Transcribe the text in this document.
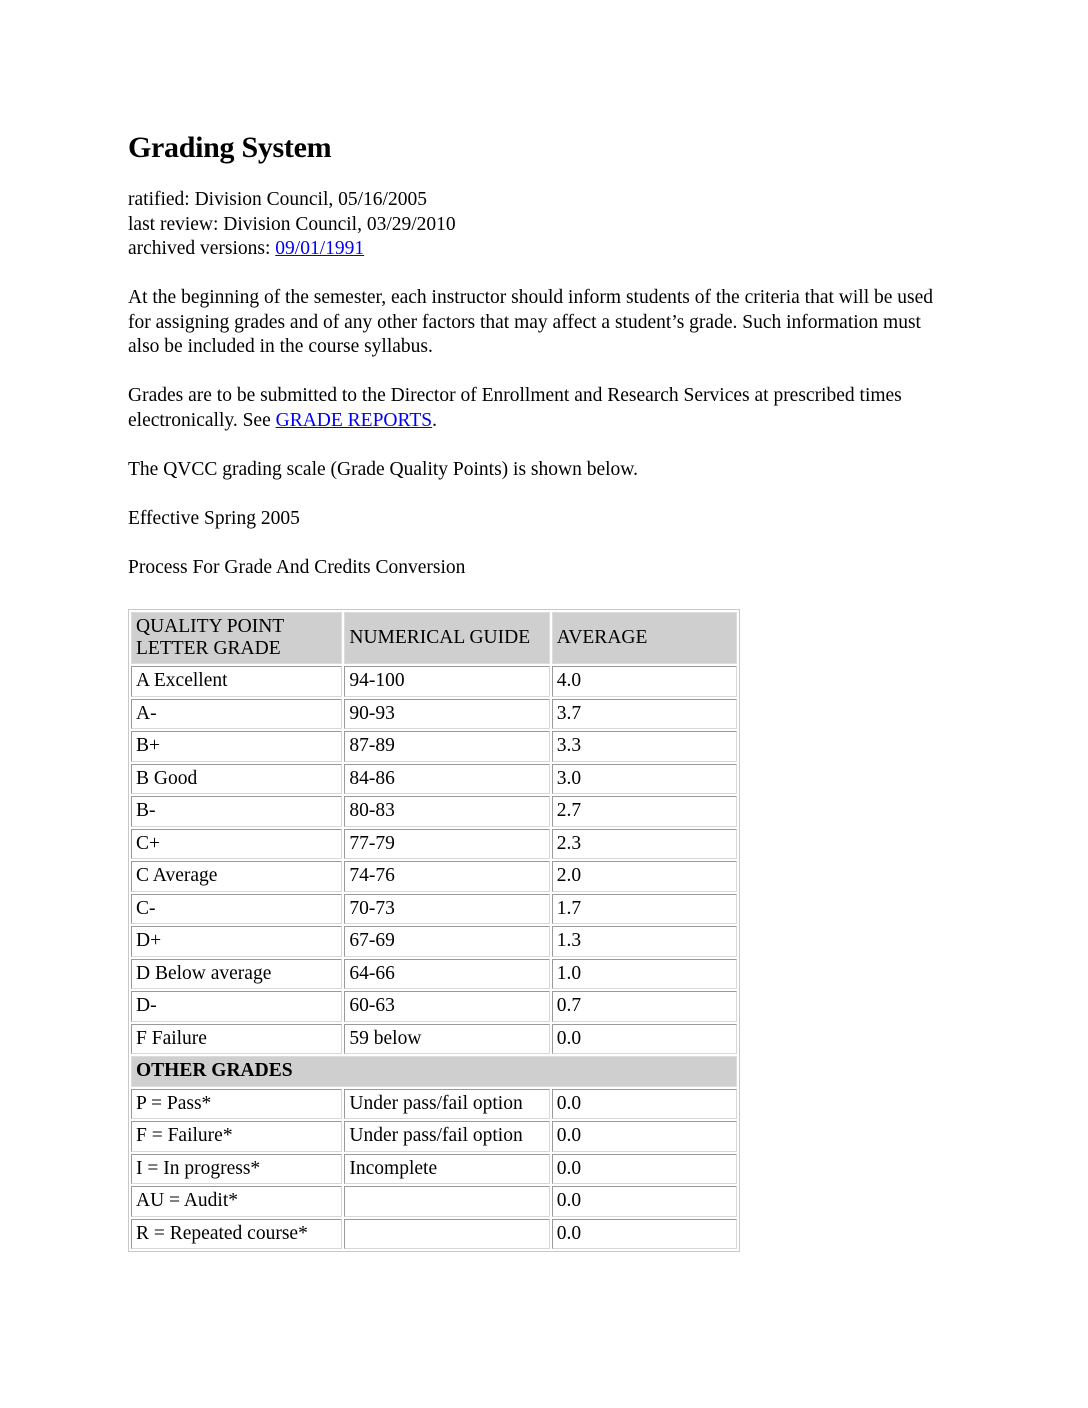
Grading System
ratified: Division Council, 05/16/2005
last review: Division Council, 03/29/2010
archived versions: 09/01/1991

At the beginning of the semester, each instructor should inform students of the criteria that will be used for assigning grades and of any other factors that may affect a student’s grade. Such information must also be included in the course syllabus.

Grades are to be submitted to the Director of Enrollment and Research Services at prescribed times electronically. See GRADE REPORTS.

The QVCC grading scale (Grade Quality Points) is shown below.

Effective Spring 2005

Process For Grade And Credits Conversion

QUALITY POINT
LETTER GRADE	NUMERICAL GUIDE	AVERAGE
A Excellent	94-100	4.0
A-	90-93	3.7
B+	87-89	3.3
B Good	84-86	3.0
B-	80-83	2.7
C+	77-79	2.3
C Average	74-76	2.0
C-	70-73	1.7
D+	67-69	1.3
D Below average	64-66	1.0
D-	60-63	0.7
F Failure	59 below	0.0
OTHER GRADES		
P = Pass*	Under pass/fail option	0.0
F = Failure*	Under pass/fail option	0.0
I = In progress*	Incomplete	0.0
AU = Audit*		0.0
R = Repeated course*		0.0
